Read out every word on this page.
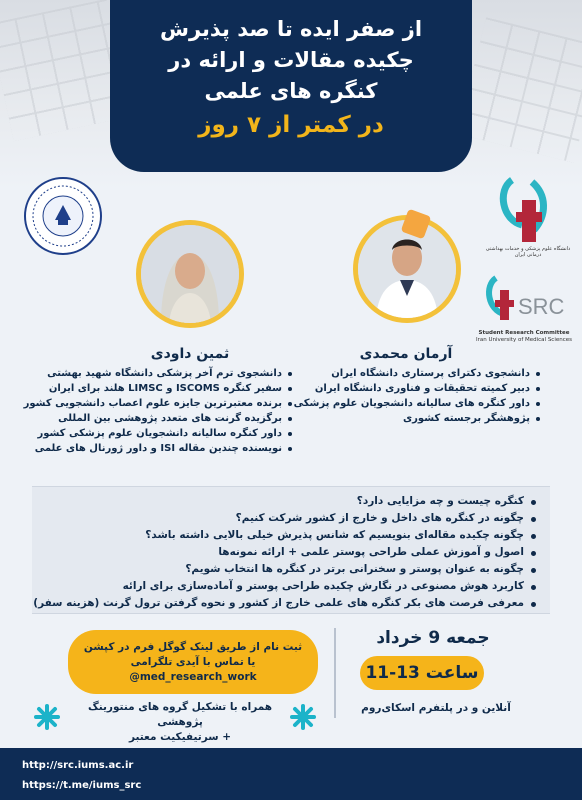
از صفر ایده تا صد پذیرش
چکیده مقالات و ارائه در
کنگره های علمی
در کمتر از ۷ روز
دانشگاه علوم پزشکی و خدمات بهداشتی درمانی ایران
SRC
Student Research Committee
Iran University of Medical Sciences
آرمان محمدی
ثمین داودی
دانشجوی دکترای پرستاری دانشگاه ایران
دبیر کمیته تحقیقات و فناوری دانشگاه ایران
داور کنگره های سالیانه دانشجویان علوم پزشکی
پژوهشگر برجسته کشوری
دانشجوی ترم آخر پزشکی دانشگاه شهید بهشتی
سفیر کنگره ISCOMS و LIMSC هلند برای ایران
برنده معتبرترین جایزه علوم اعصاب دانشجویی کشور
برگزیده گرنت های متعدد پژوهشی بین المللی
داور کنگره سالیانه دانشجویان علوم پزشکی کشور
نویسنده چندین مقاله ISI و داور ژورنال های علمی
کنگره چیست و چه مزایایی دارد؟
چگونه در کنگره های داخل و خارج از کشور شرکت کنیم؟
چگونه چکیده مقاله‌ای بنویسیم که شانس پذیرش خیلی بالایی داشته باشد؟
اصول و آموزش عملی طراحی پوستر علمی + ارائه نمونه‌ها
چگونه به عنوان پوستر و سخنرانی برتر در کنگره ها انتخاب شویم؟
کاربرد هوش مصنوعی در نگارش چکیده طراحی پوستر و آماده‌سازی برای ارائه
معرفی فرصت های بکر کنگره های علمی خارج از کشور و نحوه گرفتن ترول گرنت (هزینه سفر)
ثبت نام از طریق لینک گوگل فرم در کپشن
یا تماس با آیدی تلگرامی
@med_research_work
جمعه 9 خرداد
ساعت 13-11
آنلاین و در پلتفرم اسکای‌روم
همراه با تشکیل گروه های منتورینگ پژوهشی
+ سرتیفیکیت معتبر
http://src.iums.ac.ir
https://t.me/iums_src
